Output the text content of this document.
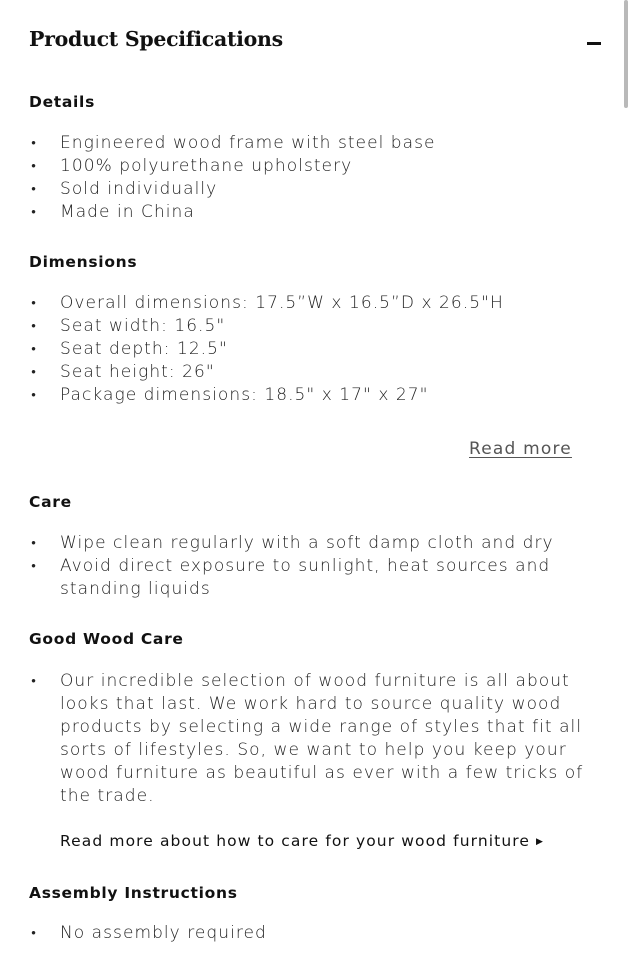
Product Specifications
Details
• Engineered wood frame with steel base
• 100% polyurethane upholstery
• Sold individually
• Made in China
Dimensions
• Overall dimensions: 17.5”W x 16.5”D x 26.5"H
• Seat width: 16.5"
• Seat depth: 12.5"
• Seat height: 26"
• Package dimensions: 18.5" x 17" x 27"
Read more
Care
• Wipe clean regularly with a soft damp cloth and dry
• Avoid direct exposure to sunlight, heat sources and standing liquids
Good Wood Care
• Our incredible selection of wood furniture is all about looks that last. We work hard to source quality wood products by selecting a wide range of styles that fit all sorts of lifestyles. So, we want to help you keep your wood furniture as beautiful as ever with a few tricks of the trade.
Read more about how to care for your wood furniture ▶
Assembly Instructions
• No assembly required
